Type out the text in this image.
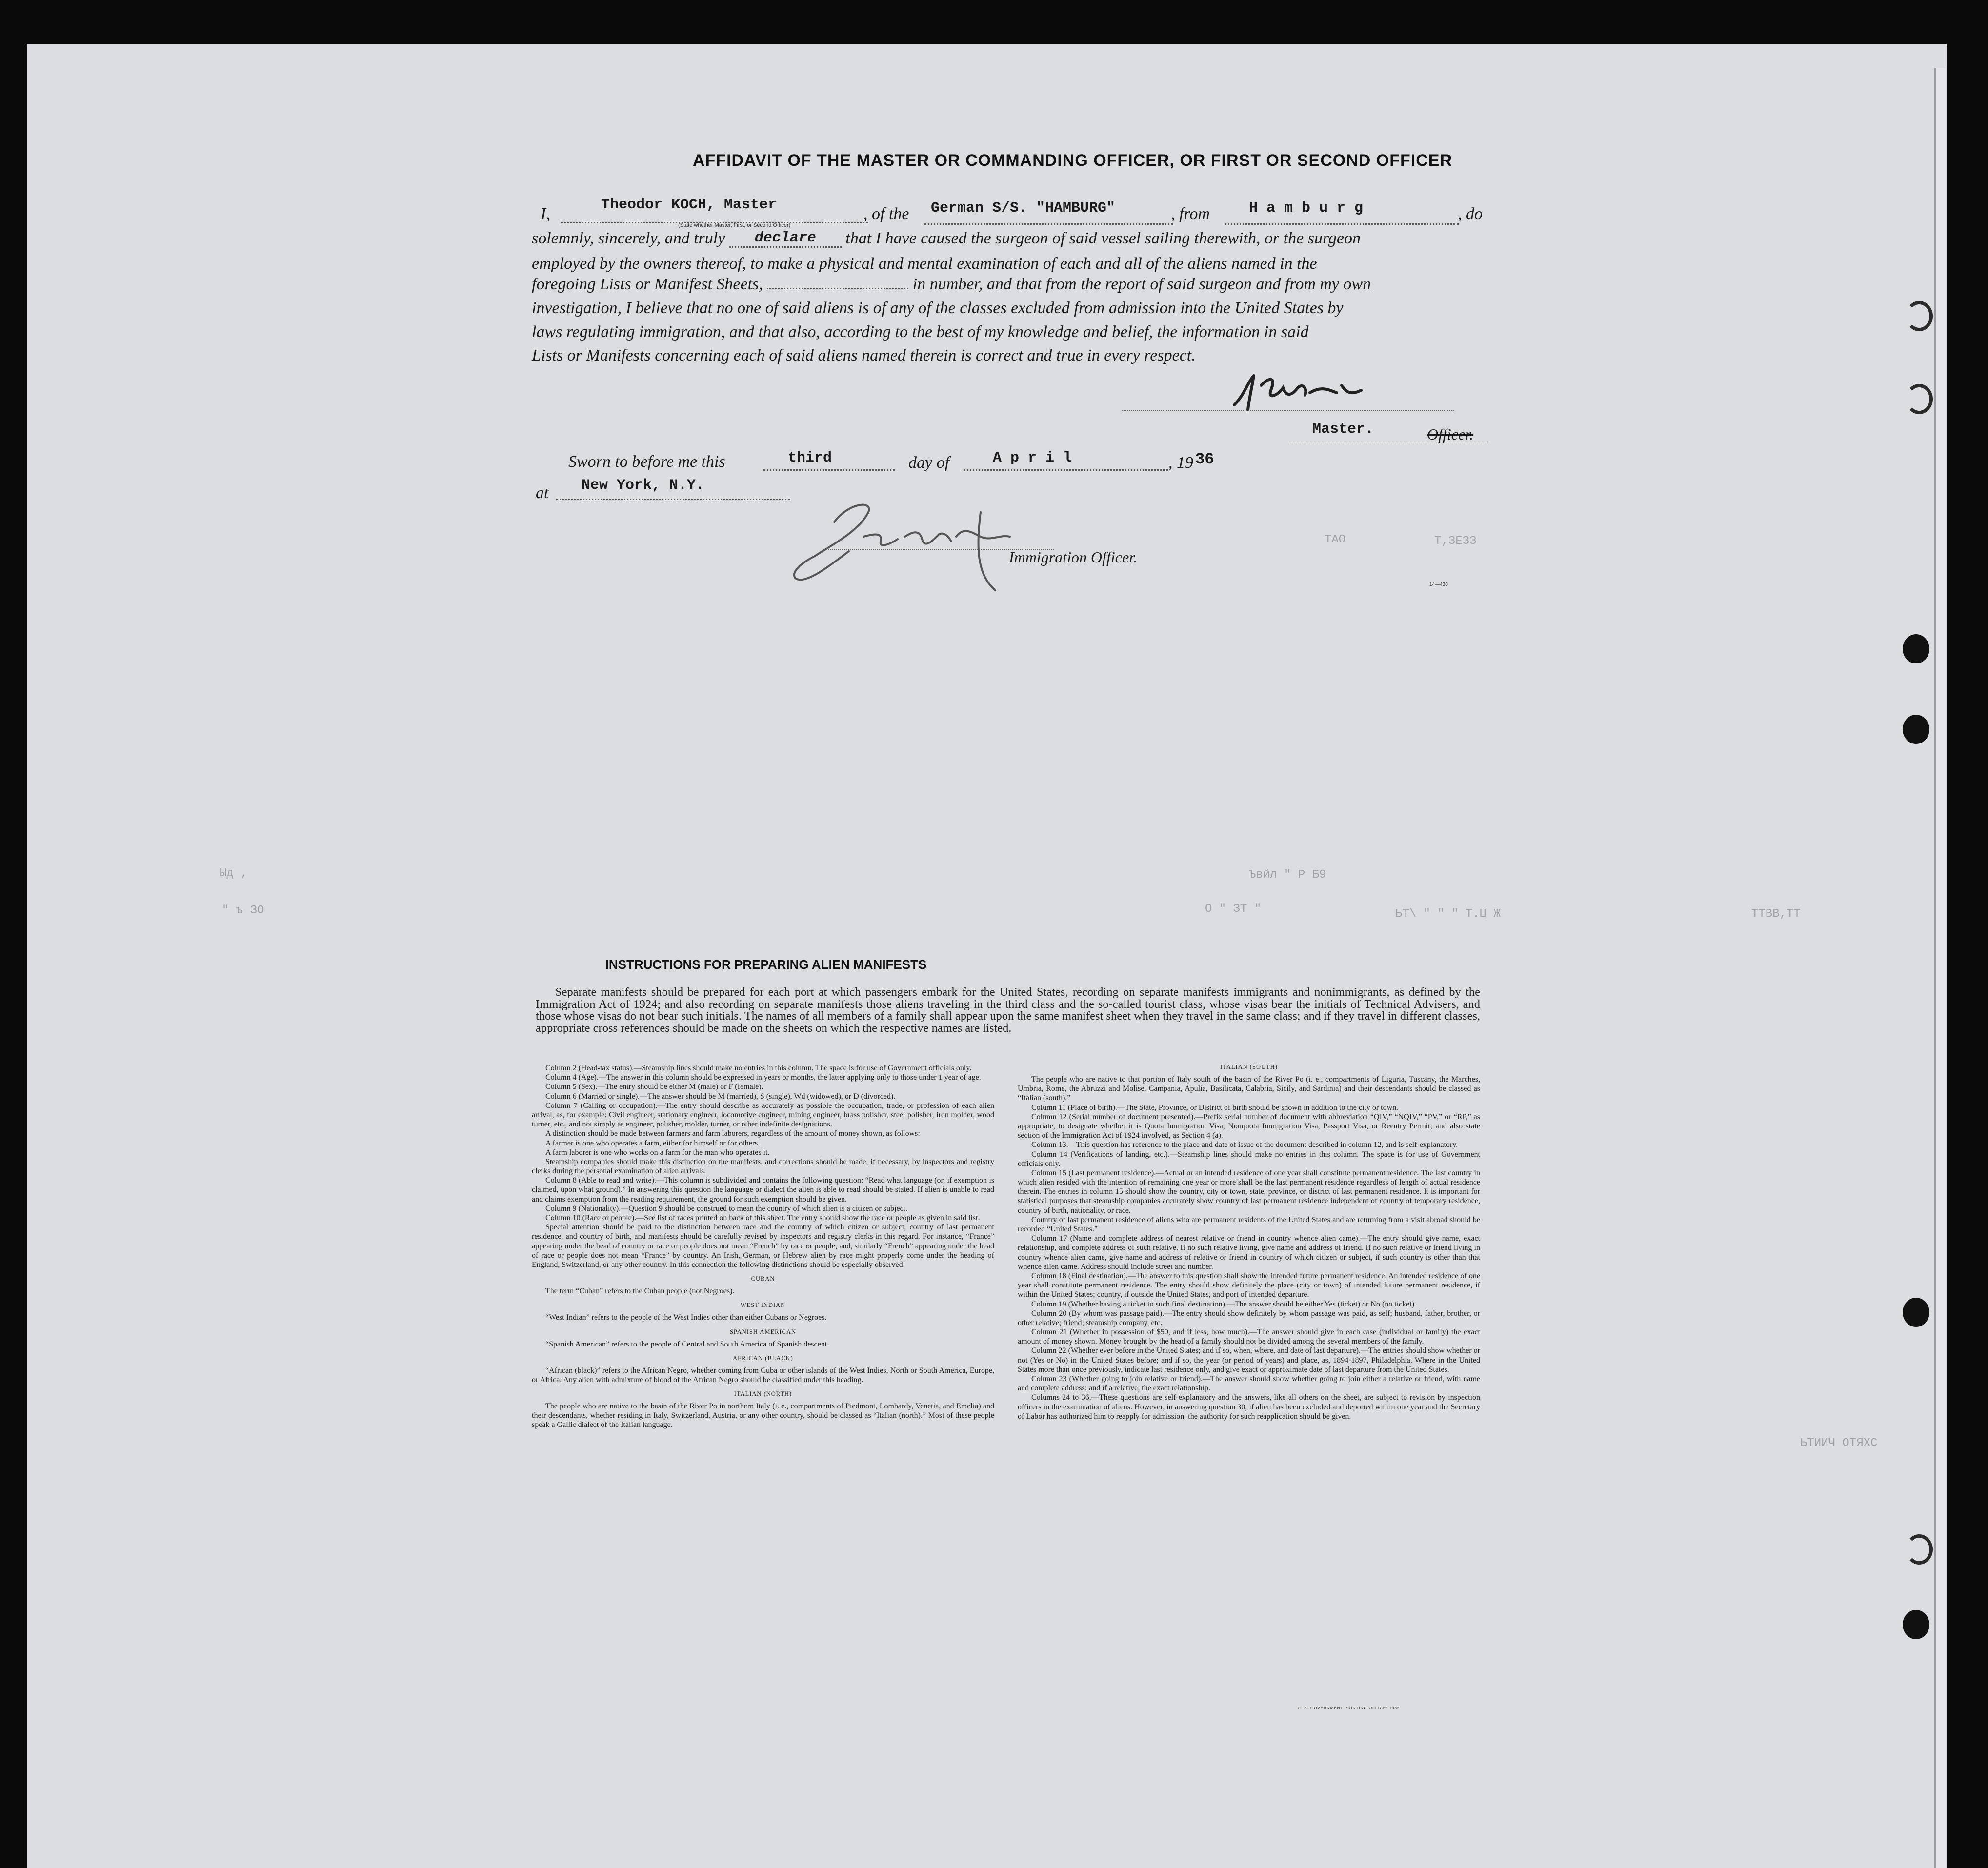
AFFIDAVIT OF THE MASTER OR COMMANDING OFFICER, OR FIRST OR SECOND OFFICER
I,	Theodor KOCH, Master
(State whether Master, First, or Second Officer)
, of the German S/S. "HAMBURG"	, from	H a m b u r g	, do
solemnly, sincerely, and truly declare that I have caused the surgeon of said vessel sailing therewith, or the surgeon
employed by the owners thereof, to make a physical and mental examination of each and all of the aliens named in the
foregoing Lists or Manifest Sheets,	in number, and that from the report of said surgeon and from my own
investigation, I believe that no one of said aliens is of any of the classes excluded from admission into the United States by
laws regulating immigration, and that also, according to the best of my knowledge and belief, the information in said
Lists or Manifests concerning each of said aliens named therein is correct and true in every respect.
Master.	Officer.
Sworn to before me this	third	day of	A p r i l	, 19 36
at New York, N.Y.
Immigration Officer.
14—430
ТАО	Т,ЗЕЗЗ
Ыд ,
" ъ ЗО	О " ЗТ "
Ъвйл " Р Б9
ЬТ\ " " " Т.Ц Ж	ТТВВ,ТТ
ЬТИИЧ ОТЯХС
INSTRUCTIONS FOR PREPARING ALIEN MANIFESTS

Separate manifests should be prepared for each port at which passengers embark for the United States, recording on separate manifests immigrants and nonimmigrants, as defined by the Immigration Act of 1924; and also recording on separate manifests those aliens traveling in the third class and the so-called tourist class, whose visas bear the initials of Technical Advisers, and those whose visas do not bear such initials. The names of all members of a family shall appear upon the same manifest sheet when they travel in the same class; and if they travel in different classes, appropriate cross references should be made on the sheets on which the respective names are listed.

Column 2 (Head-tax status).—Steamship lines should make no entries in this column. The space is for use of Government officials only.

Column 4 (Age).—The answer in this column should be expressed in years or months, the latter applying only to those under 1 year of age.

Column 5 (Sex).—The entry should be either M (male) or F (female).

Column 6 (Married or single).—The answer should be M (married), S (single), Wd (widowed), or D (divorced).

Column 7 (Calling or occupation).—The entry should describe as accurately as possible the occupation, trade, or profession of each alien arrival, as, for example: Civil engineer, stationary engineer, locomotive engineer, mining engineer, brass polisher, steel polisher, iron molder, wood turner, etc., and not simply as engineer, polisher, molder, turner, or other indefinite designations.

A distinction should be made between farmers and farm laborers, regardless of the amount of money shown, as follows:

A farmer is one who operates a farm, either for himself or for others.

A farm laborer is one who works on a farm for the man who operates it.

Steamship companies should make this distinction on the manifests, and corrections should be made, if necessary, by inspectors and registry clerks during the personal examination of alien arrivals.

Column 8 (Able to read and write).—This column is subdivided and contains the following question: “Read what language (or, if exemption is claimed, upon what ground).” In answering this question the language or dialect the alien is able to read should be stated. If alien is unable to read and claims exemption from the reading requirement, the ground for such exemption should be given.

Column 9 (Nationality).—Question 9 should be construed to mean the country of which alien is a citizen or subject.

Column 10 (Race or people).—See list of races printed on back of this sheet. The entry should show the race or people as given in said list.

Special attention should be paid to the distinction between race and the country of which citizen or subject, country of last permanent residence, and country of birth, and manifests should be carefully revised by inspectors and registry clerks in this regard. For instance, “France” appearing under the head of country or race or people does not mean “French” by race or people, and, similarly “French” appearing under the head of race or people does not mean “France” by country. An Irish, German, or Hebrew alien by race might properly come under the heading of England, Switzerland, or any other country. In this connection the following distinctions should be especially observed:

CUBAN

The term “Cuban” refers to the Cuban people (not Negroes).

WEST INDIAN

“West Indian” refers to the people of the West Indies other than either Cubans or Negroes.

SPANISH AMERICAN

“Spanish American” refers to the people of Central and South America of Spanish descent.

AFRICAN (BLACK)

“African (black)” refers to the African Negro, whether coming from Cuba or other islands of the West Indies, North or South America, Europe, or Africa. Any alien with admixture of blood of the African Negro should be classified under this heading.

ITALIAN (NORTH)

The people who are native to the basin of the River Po in northern Italy (i. e., compartments of Piedmont, Lombardy, Venetia, and Emelia) and their descendants, whether residing in Italy, Switzerland, Austria, or any other country, should be classed as “Italian (north).” Most of these people speak a Gallic dialect of the Italian language.

ITALIAN (SOUTH)

The people who are native to that portion of Italy south of the basin of the River Po (i. e., compartments of Liguria, Tuscany, the Marches, Umbria, Rome, the Abruzzi and Molise, Campania, Apulia, Basilicata, Calabria, Sicily, and Sardinia) and their descendants should be classed as “Italian (south).”

Column 11 (Place of birth).—The State, Province, or District of birth should be shown in addition to the city or town.

Column 12 (Serial number of document presented).—Prefix serial number of document with abbreviation “QIV,” “NQIV,” “PV,” or “RP,” as appropriate, to designate whether it is Quota Immigration Visa, Nonquota Immigration Visa, Passport Visa, or Reentry Permit; and also state section of the Immigration Act of 1924 involved, as Section 4 (a).

Column 13.—This question has reference to the place and date of issue of the document described in column 12, and is self-explanatory.

Column 14 (Verifications of landing, etc.).—Steamship lines should make no entries in this column. The space is for use of Government officials only.

Column 15 (Last permanent residence).—Actual or an intended residence of one year shall constitute permanent residence. The last country in which alien resided with the intention of remaining one year or more shall be the last permanent residence regardless of length of actual residence therein. The entries in column 15 should show the country, city or town, state, province, or district of last permanent residence. It is important for statistical purposes that steamship companies accurately show country of last permanent residence independent of country of temporary residence, country of birth, nationality, or race.

Country of last permanent residence of aliens who are permanent residents of the United States and are returning from a visit abroad should be recorded “United States.”

Column 17 (Name and complete address of nearest relative or friend in country whence alien came).—The entry should give name, exact relationship, and complete address of such relative. If no such relative living, give name and address of friend. If no such relative or friend living in country whence alien came, give name and address of relative or friend in country of which citizen or subject, if such country is other than that whence alien came. Address should include street and number.

Column 18 (Final destination).—The answer to this question shall show the intended future permanent residence. An intended residence of one year shall constitute permanent residence. The entry should show definitely the place (city or town) of intended future permanent residence, if within the United States; country, if outside the United States, and port of intended departure.

Column 19 (Whether having a ticket to such final destination).—The answer should be either Yes (ticket) or No (no ticket).

Column 20 (By whom was passage paid).—The entry should show definitely by whom passage was paid, as self; husband, father, brother, or other relative; friend; steamship company, etc.

Column 21 (Whether in possession of $50, and if less, how much).—The answer should give in each case (individual or family) the exact amount of money shown. Money brought by the head of a family should not be divided among the several members of the family.

Column 22 (Whether ever before in the United States; and if so, when, where, and date of last departure).—The entries should show whether or not (Yes or No) in the United States before; and if so, the year (or period of years) and place, as, 1894-1897, Philadelphia. Where in the United States more than once previously, indicate last residence only, and give exact or approximate date of last departure from the United States.

Column 23 (Whether going to join relative or friend).—The answer should show whether going to join either a relative or friend, with name and complete address; and if a relative, the exact relationship.

Columns 24 to 36.—These questions are self-explanatory and the answers, like all others on the sheet, are subject to revision by inspection officers in the examination of aliens. However, in answering question 30, if alien has been excluded and deported within one year and the Secretary of Labor has authorized him to reapply for admission, the authority for such reapplication should be given.

U. S. GOVERNMENT PRINTING OFFICE: 1935
